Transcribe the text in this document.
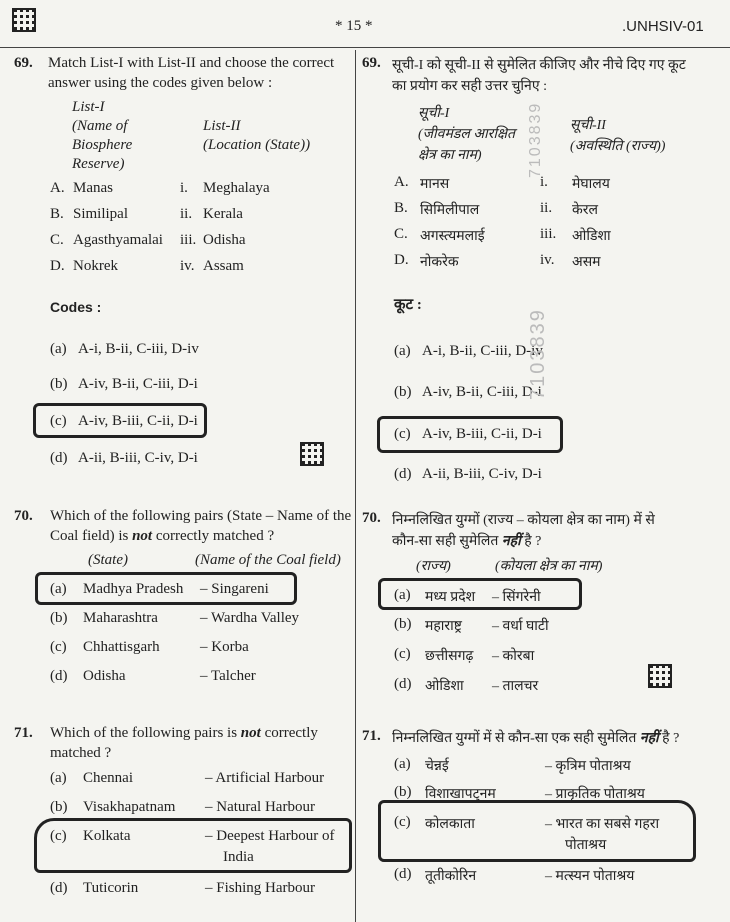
* 15 *	.UNHSIV-01
69. Match List-I with List-II and choose the correct
answer using the codes given below :
List-I
(Name of
Biosphere
Reserve)
List-II
(Location (State))
A. Manas	i. Meghalaya
B. Similipal	ii. Kerala
C. Agasthyamalai iii. Odisha
D. Nokrek	iv. Assam
Codes :
(a) A-i, B-ii, C-iii, D-iv
(b) A-iv, B-ii, C-iii, D-i
(c) A-iv, B-iii, C-ii, D-i
(d) A-ii, B-iii, C-iv, D-i
70. Which of the following pairs (State – Name of the
Coal field) is not correctly matched ?
(State)	(Name of the Coal field)
(a) Madhya Pradesh – Singareni
(b) Maharashtra	– Wardha Valley
(c) Chhattisgarh	– Korba
(d) Odisha	– Talcher
71. Which of the following pairs is not correctly
matched ?
(a) Chennai	– Artificial Harbour
(b) Visakhapatnam – Natural Harbour
(c) Kolkata	– Deepest Harbour of
India
(d) Tuticorin	– Fishing Harbour
69. सूची-I को सूची-II से सुमेलित कीजिए और नीचे दिए गए कूट
का प्रयोग कर सही उत्तर चुनिए :
सूची-I
(जीवमंडल आरक्षित
क्षेत्र का नाम)
सूची-II
(अवस्थिति (राज्य))
A. मानस	i. मेघालय
B. सिमिलीपाल	ii. केरल
C. अगस्त्यमलाई	iii. ओडिशा
D. नोकरेक	iv. असम
कूट :
(a) A-i, B-ii, C-iii, D-iv
(b) A-iv, B-ii, C-iii, D-i
(c) A-iv, B-iii, C-ii, D-i
(d) A-ii, B-iii, C-iv, D-i
7103839
7103839
70. निम्नलिखित युग्मों (राज्य – कोयला क्षेत्र का नाम) में से
कौन-सा सही सुमेलित नहीं है ?
(राज्य)	(कोयला क्षेत्र का नाम)
(a) मध्य प्रदेश – सिंगरेनी
(b) महाराष्ट्र – वर्धा घाटी
(c) छत्तीसगढ़ – कोरबा
(d) ओडिशा – तालचर
71. निम्नलिखित युग्मों में से कौन-सा एक सही सुमेलित नहीं है ?
(a) चेन्नई	– कृत्रिम पोताश्रय
(b) विशाखापट्नम	– प्राकृतिक पोताश्रय
(c) कोलकाता	– भारत का सबसे गहरा
पोताश्रय
(d) तूतीकोरिन	– मत्स्यन पोताश्रय
